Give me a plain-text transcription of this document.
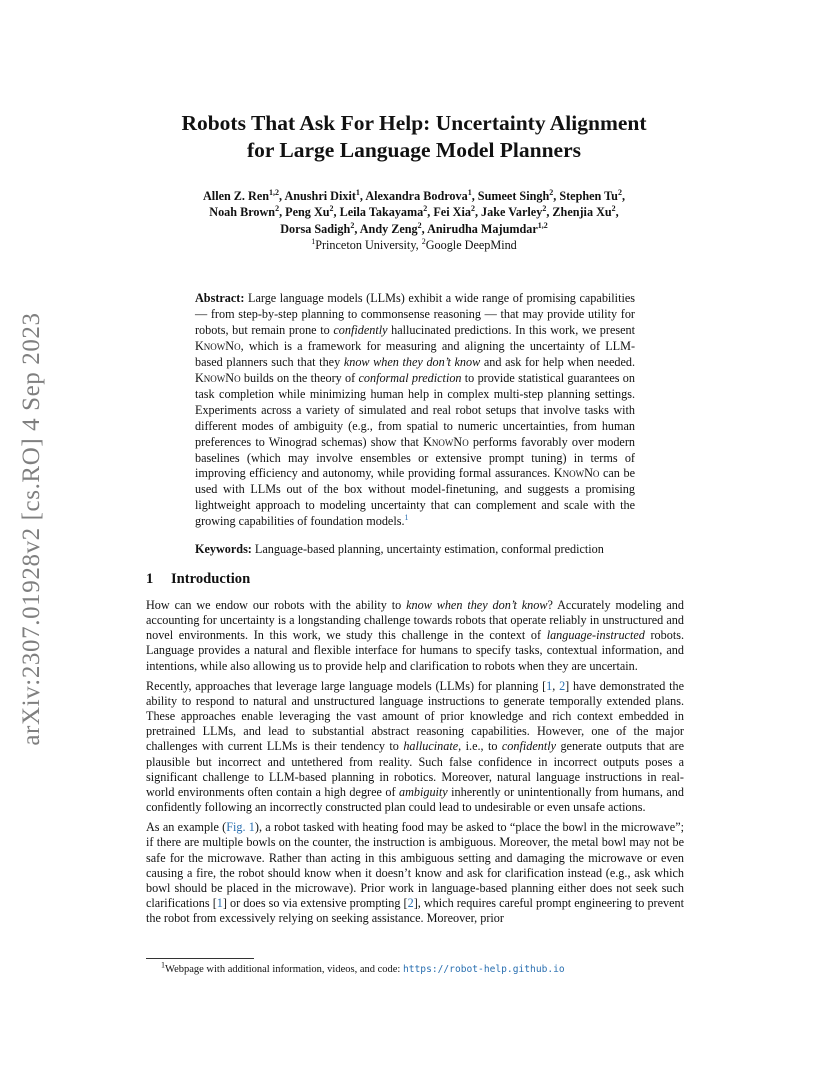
arXiv:2307.01928v2 [cs.RO] 4 Sep 2023
Robots That Ask For Help: Uncertainty Alignment
for Large Language Model Planners
Allen Z. Ren$^{1,2}$, Anushri Dixit$^1$, Alexandra Bodrova$^1$, Sumeet Singh$^2$, Stephen Tu$^2$,
Noah Brown$^2$, Peng Xu$^2$, Leila Takayama$^2$, Fei Xia$^2$, Jake Varley$^2$, Zhenjia Xu$^2$,
Dorsa Sadigh$^2$, Andy Zeng$^2$, Anirudha Majumdar$^{1,2}$
$^1$Princeton University, $^2$Google DeepMind
Abstract: Large language models (LLMs) exhibit a wide range of promising capabilities — from step-by-step planning to commonsense reasoning — that may provide utility for robots, but remain prone to confidently hallucinated predictions. In this work, we present KnowNo, which is a framework for measuring and aligning the uncertainty of LLM-based planners such that they know when they don’t know and ask for help when needed. KnowNo builds on the theory of conformal prediction to provide statistical guarantees on task completion while minimizing human help in complex multi-step planning settings. Experiments across a variety of simulated and real robot setups that involve tasks with different modes of ambiguity (e.g., from spatial to numeric uncertainties, from human preferences to Winograd schemas) show that KnowNo performs favorably over modern baselines (which may involve ensembles or extensive prompt tuning) in terms of improving efficiency and autonomy, while providing formal assurances. KnowNo can be used with LLMs out of the box without model-finetuning, and suggests a promising lightweight approach to modeling uncertainty that can complement and scale with the growing capabilities of foundation models.$^1$
Keywords: Language-based planning, uncertainty estimation, conformal prediction
1 Introduction

How can we endow our robots with the ability to know when they don’t know? Accurately modeling and accounting for uncertainty is a longstanding challenge towards robots that operate reliably in unstructured and novel environments. In this work, we study this challenge in the context of language-instructed robots. Language provides a natural and flexible interface for humans to specify tasks, contextual information, and intentions, while also allowing us to provide help and clarification to robots when they are uncertain.

Recently, approaches that leverage large language models (LLMs) for planning [1, 2] have demonstrated the ability to respond to natural and unstructured language instructions to generate temporally extended plans. These approaches enable leveraging the vast amount of prior knowledge and rich context embedded in pretrained LLMs, and lead to substantial abstract reasoning capabilities. However, one of the major challenges with current LLMs is their tendency to hallucinate, i.e., to confidently generate outputs that are plausible but incorrect and untethered from reality. Such false confidence in incorrect outputs poses a significant challenge to LLM-based planning in robotics. Moreover, natural language instructions in real-world environments often contain a high degree of ambiguity inherently or unintentionally from humans, and confidently following an incorrectly constructed plan could lead to undesirable or even unsafe actions.

As an example (Fig. 1), a robot tasked with heating food may be asked to “place the bowl in the microwave”; if there are multiple bowls on the counter, the instruction is ambiguous. Moreover, the metal bowl may not be safe for the microwave. Rather than acting in this ambiguous setting and damaging the microwave or even causing a fire, the robot should know when it doesn’t know and ask for clarification instead (e.g., ask which bowl should be placed in the microwave). Prior work in language-based planning either does not seek such clarifications [1] or does so via extensive prompting [2], which requires careful prompt engineering to prevent the robot from excessively relying on seeking assistance. Moreover, prior

$^1$Webpage with additional information, videos, and code: https://robot-help.github.io
